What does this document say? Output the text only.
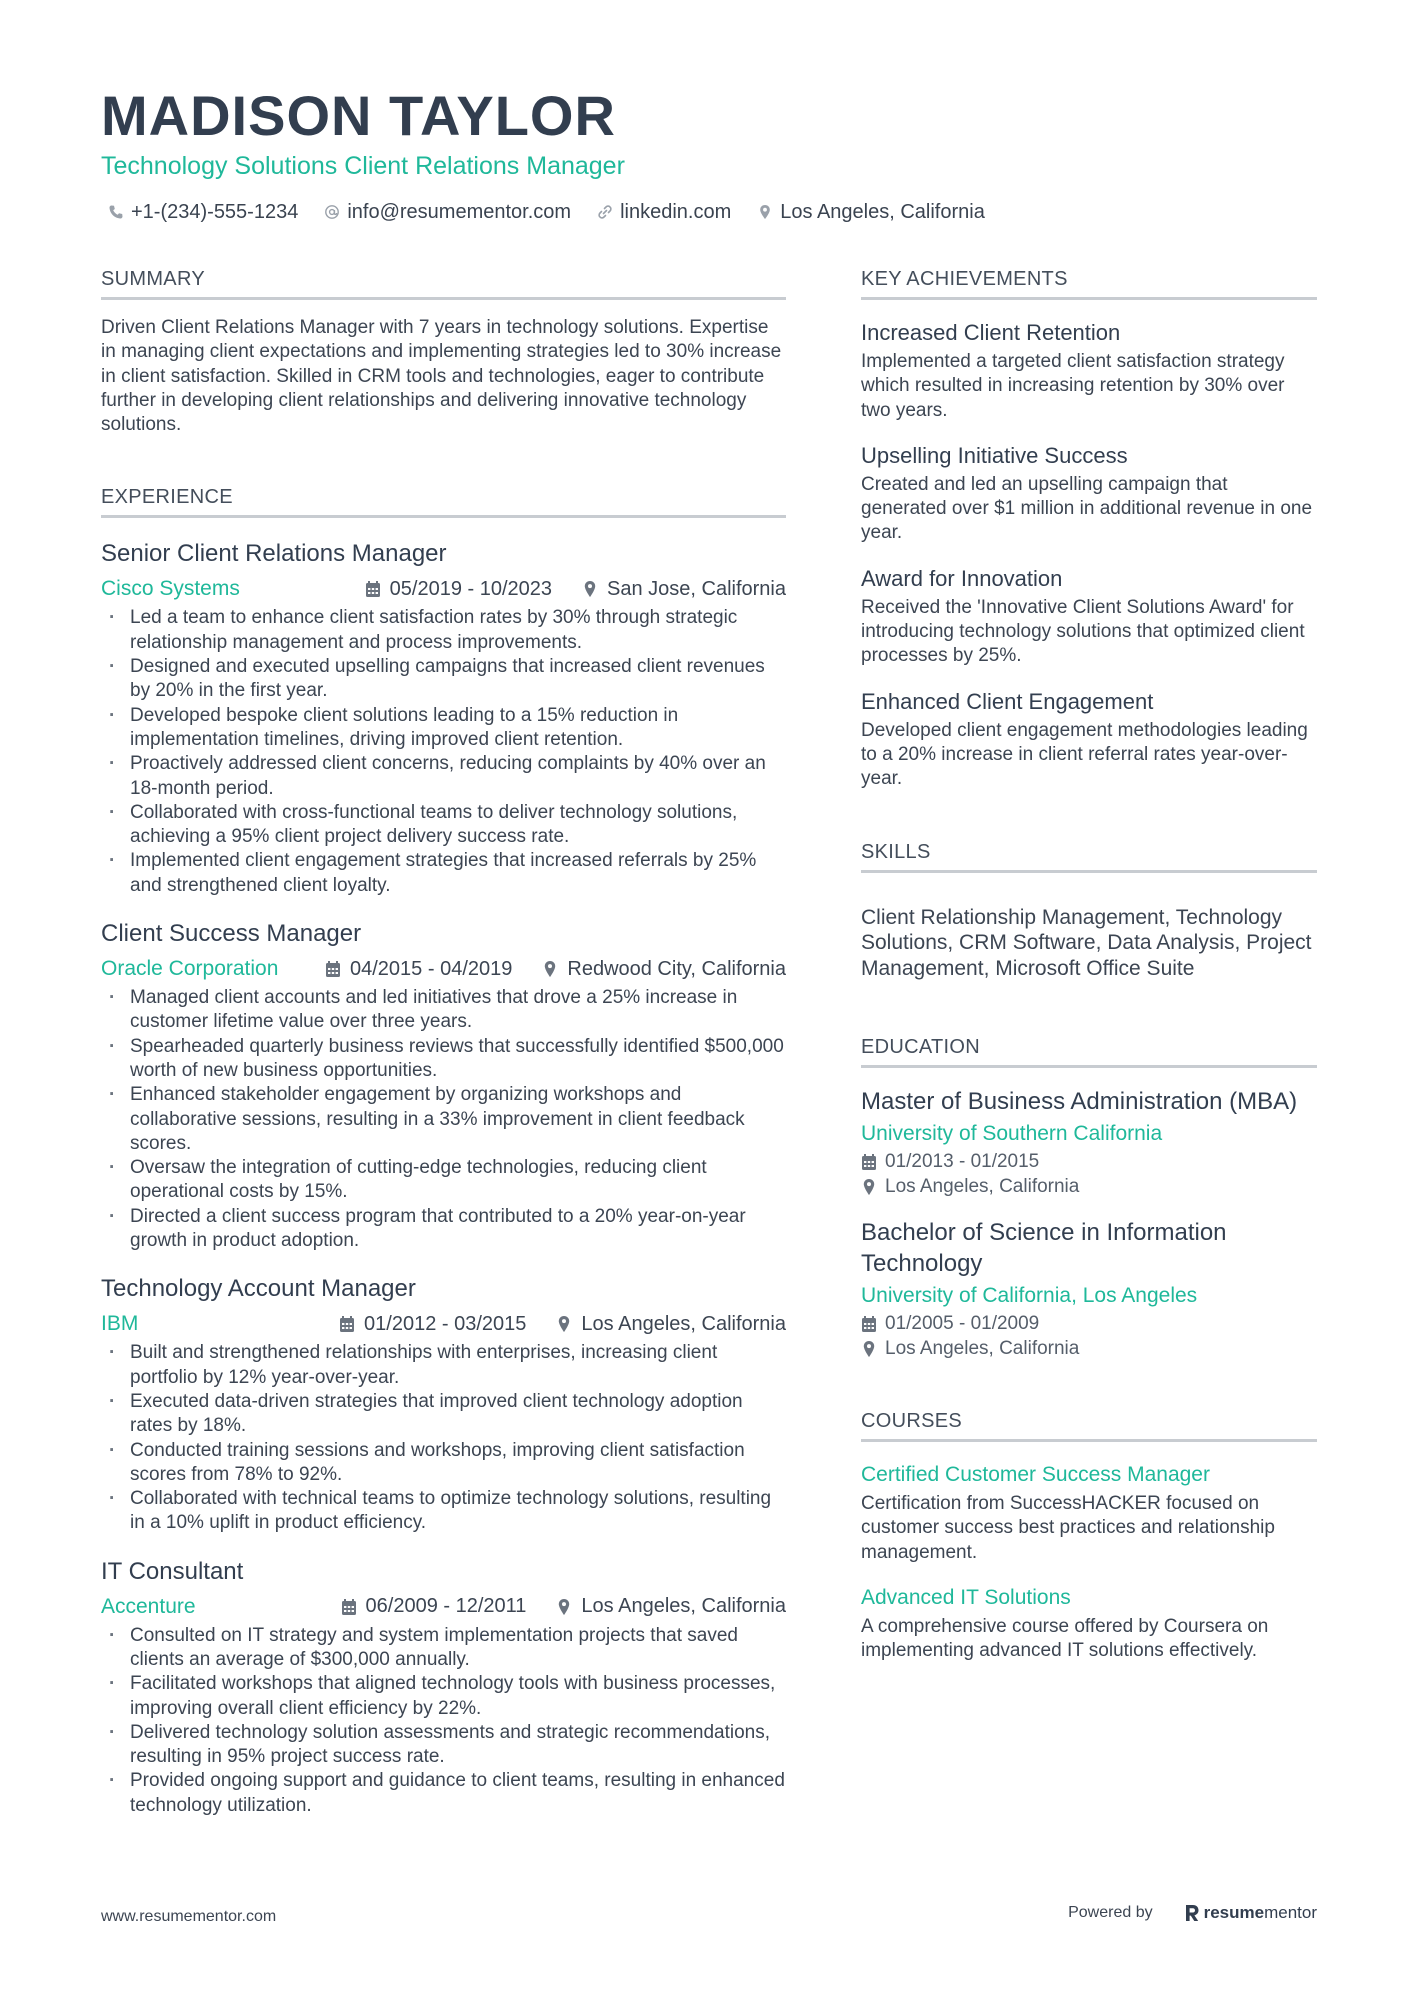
MADISON TAYLOR
Technology Solutions Client Relations Manager
+1-(234)-555-1234 info@resumementor.com linkedin.com Los Angeles, California
SUMMARY
Driven Client Relations Manager with 7 years in technology solutions. Expertise in managing client expectations and implementing strategies led to 30% increase in client satisfaction. Skilled in CRM tools and technologies, eager to contribute further in developing client relationships and delivering innovative technology solutions.
EXPERIENCE
Senior Client Relations Manager
Cisco Systems	05/2019 - 10/2023	San Jose, California
· Led a team to enhance client satisfaction rates by 30% through strategic relationship management and process improvements.
· Designed and executed upselling campaigns that increased client revenues by 20% in the first year.
· Developed bespoke client solutions leading to a 15% reduction in implementation timelines, driving improved client retention.
· Proactively addressed client concerns, reducing complaints by 40% over an 18-month period.
· Collaborated with cross-functional teams to deliver technology solutions, achieving a 95% client project delivery success rate.
· Implemented client engagement strategies that increased referrals by 25% and strengthened client loyalty.
Client Success Manager
Oracle Corporation	04/2015 - 04/2019	Redwood City, California
· Managed client accounts and led initiatives that drove a 25% increase in customer lifetime value over three years.
· Spearheaded quarterly business reviews that successfully identified $500,000 worth of new business opportunities.
· Enhanced stakeholder engagement by organizing workshops and collaborative sessions, resulting in a 33% improvement in client feedback scores.
· Oversaw the integration of cutting-edge technologies, reducing client operational costs by 15%.
· Directed a client success program that contributed to a 20% year-on-year growth in product adoption.
Technology Account Manager
IBM	01/2012 - 03/2015	Los Angeles, California
· Built and strengthened relationships with enterprises, increasing client portfolio by 12% year-over-year.
· Executed data-driven strategies that improved client technology adoption rates by 18%.
· Conducted training sessions and workshops, improving client satisfaction scores from 78% to 92%.
· Collaborated with technical teams to optimize technology solutions, resulting in a 10% uplift in product efficiency.
IT Consultant
Accenture	06/2009 - 12/2011	Los Angeles, California
· Consulted on IT strategy and system implementation projects that saved clients an average of $300,000 annually.
· Facilitated workshops that aligned technology tools with business processes, improving overall client efficiency by 22%.
· Delivered technology solution assessments and strategic recommendations, resulting in 95% project success rate.
· Provided ongoing support and guidance to client teams, resulting in enhanced technology utilization.
KEY ACHIEVEMENTS
Increased Client Retention
Implemented a targeted client satisfaction strategy which resulted in increasing retention by 30% over two years.
Upselling Initiative Success
Created and led an upselling campaign that generated over $1 million in additional revenue in one year.
Award for Innovation
Received the 'Innovative Client Solutions Award' for introducing technology solutions that optimized client processes by 25%.
Enhanced Client Engagement
Developed client engagement methodologies leading to a 20% increase in client referral rates year-over-year.
SKILLS
Client Relationship Management, Technology Solutions, CRM Software, Data Analysis, Project Management, Microsoft Office Suite
EDUCATION
Master of Business Administration (MBA)
University of Southern California
01/2013 - 01/2015
Los Angeles, California
Bachelor of Science in Information Technology
University of California, Los Angeles
01/2005 - 01/2009
Los Angeles, California
COURSES
Certified Customer Success Manager
Certification from SuccessHACKER focused on customer success best practices and relationship management.
Advanced IT Solutions
A comprehensive course offered by Coursera on implementing advanced IT solutions effectively.
www.resumementor.com	Powered by	resume mentor
